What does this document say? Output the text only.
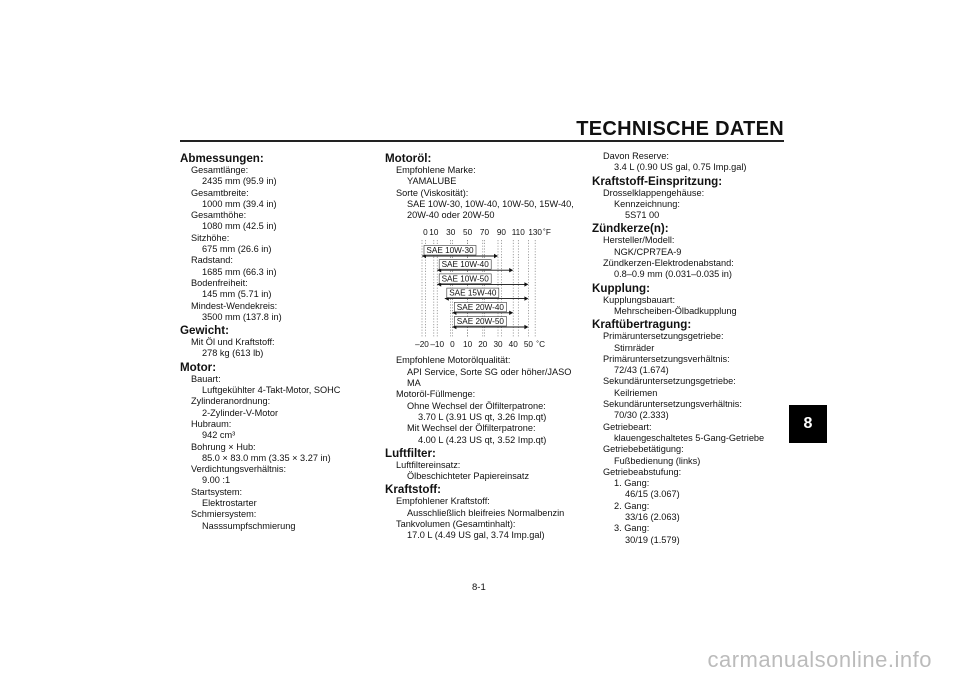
TECHNISCHE DATEN
8
Abmessungen:
Gesamtlänge:
2435 mm (95.9 in)
Gesamtbreite:
1000 mm (39.4 in)
Gesamthöhe:
1080 mm (42.5 in)
Sitzhöhe:
675 mm (26.6 in)
Radstand:
1685 mm (66.3 in)
Bodenfreiheit:
145 mm (5.71 in)
Mindest-Wendekreis:
3500 mm (137.8 in)
Gewicht:
Mit Öl und Kraftstoff:
278 kg (613 lb)
Motor:
Bauart:
Luftgekühlter 4-Takt-Motor, SOHC
Zylinderanordnung:
2-Zylinder-V-Motor
Hubraum:
942 cm³
Bohrung × Hub:
85.0 × 83.0 mm (3.35 × 3.27 in)
Verdichtungsverhältnis:
9.00 :1
Startsystem:
Elektrostarter
Schmiersystem:
Nasssumpfschmierung
Motoröl:
Empfohlene Marke:
YAMALUBE
Sorte (Viskosität):
SAE 10W-30, 10W-40, 10W-50, 15W-40,
20W-40 oder 20W-50
0 10 30 50 70 90 110 130 ˚F
–20 –10 0 10 20 30 40 50 ˚C
SAE 10W-30
SAE 10W-40
SAE 10W-50
SAE 15W-40
SAE 20W-40
SAE 20W-50
Empfohlene Motorölqualität:
API Service, Sorte SG oder höher/JASO
MA
Motoröl-Füllmenge:
Ohne Wechsel der Ölfilterpatrone:
3.70 L (3.91 US qt, 3.26 Imp.qt)
Mit Wechsel der Ölfilterpatrone:
4.00 L (4.23 US qt, 3.52 Imp.qt)
Luftfilter:
Luftfiltereinsatz:
Ölbeschichteter Papiereinsatz
Kraftstoff:
Empfohlener Kraftstoff:
Ausschließlich bleifreies Normalbenzin
Tankvolumen (Gesamtinhalt):
17.0 L (4.49 US gal, 3.74 Imp.gal)
Davon Reserve:
3.4 L (0.90 US gal, 0.75 Imp.gal)
Kraftstoff-Einspritzung:
Drosselklappengehäuse:
Kennzeichnung:
5S71 00
Zündkerze(n):
Hersteller/Modell:
NGK/CPR7EA-9
Zündkerzen-Elektrodenabstand:
0.8–0.9 mm (0.031–0.035 in)
Kupplung:
Kupplungsbauart:
Mehrscheiben-Ölbadkupplung
Kraftübertragung:
Primäruntersetzungsgetriebe:
Stirnräder
Primäruntersetzungsverhältnis:
72/43 (1.674)
Sekundäruntersetzungsgetriebe:
Keilriemen
Sekundäruntersetzungsverhältnis:
70/30 (2.333)
Getriebeart:
klauengeschaltetes 5-Gang-Getriebe
Getriebebetätigung:
Fußbedienung (links)
Getriebeabstufung:
1. Gang:
46/15 (3.067)
2. Gang:
33/16 (2.063)
3. Gang:
30/19 (1.579)
8-1
carmanualsonline.info
